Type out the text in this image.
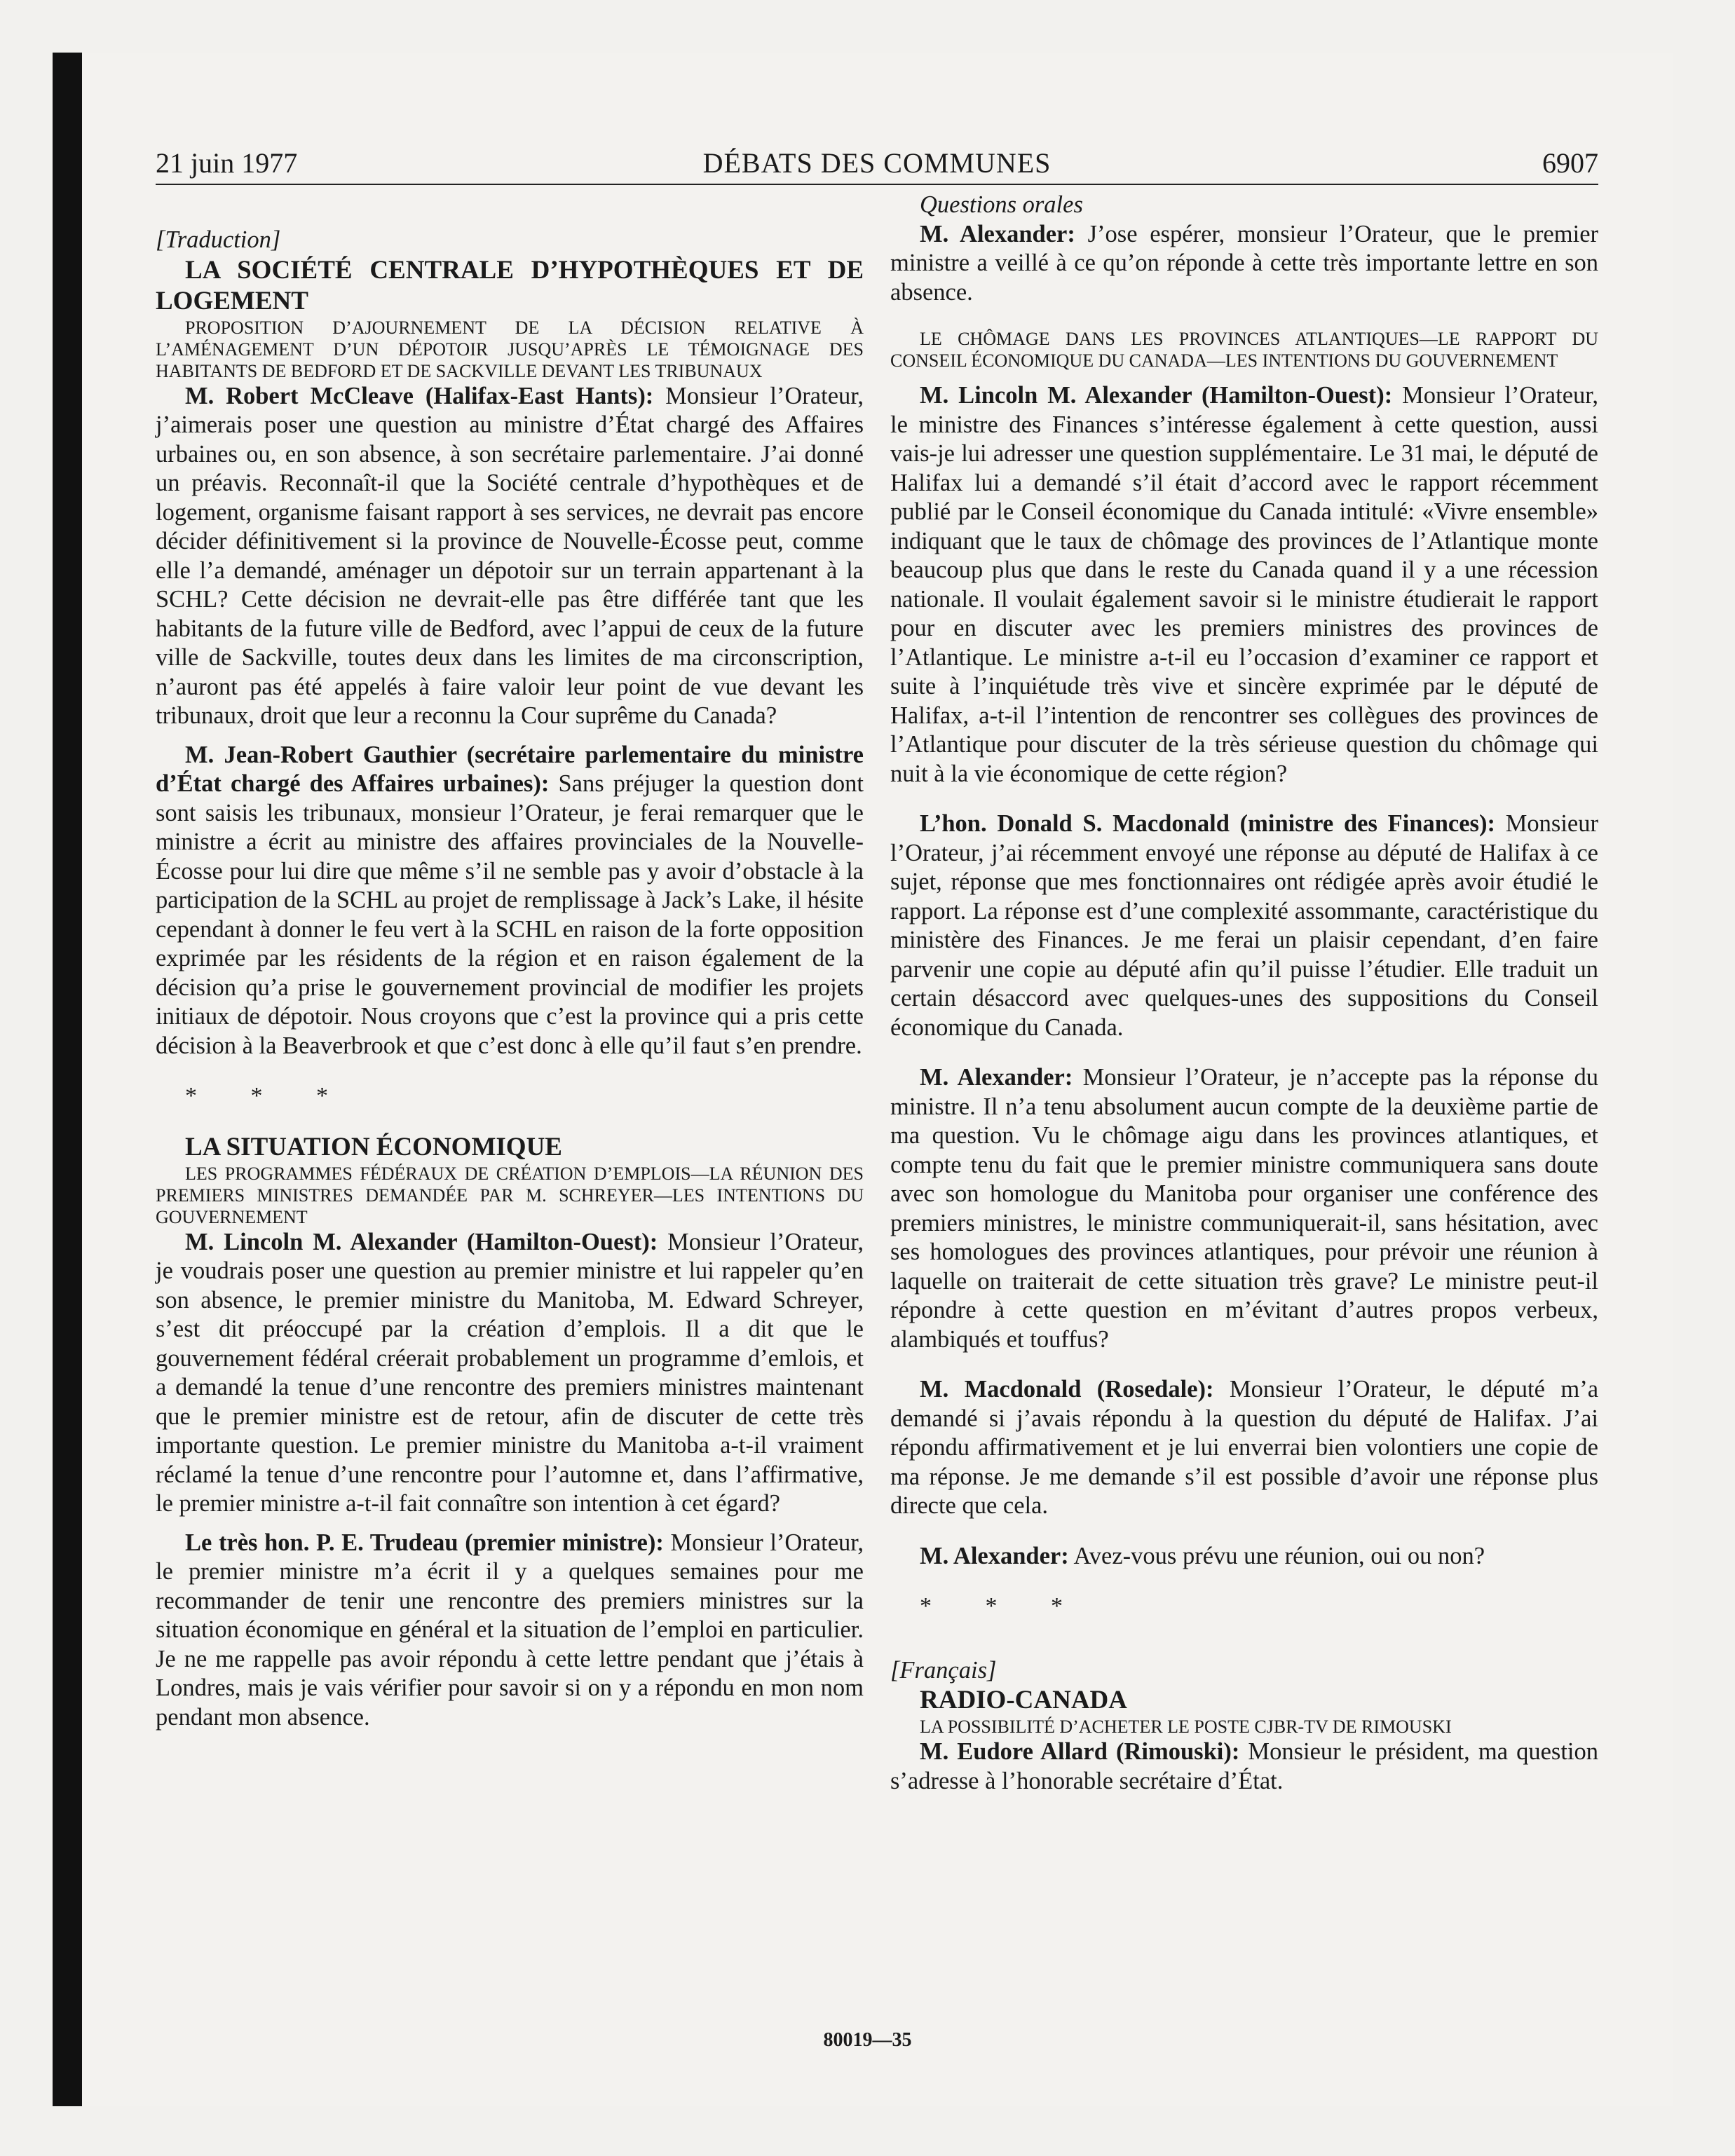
21 juin 1977	DÉBATS DES COMMUNES	6907

[Traduction]

LA SOCIÉTÉ CENTRALE D’HYPOTHÈQUES ET DE LOGEMENT

PROPOSITION D’AJOURNEMENT DE LA DÉCISION RELATIVE À L’AMÉNAGEMENT D’UN DÉPOTOIR JUSQU’APRÈS LE TÉMOIGNAGE DES HABITANTS DE BEDFORD ET DE SACKVILLE DEVANT LES TRIBUNAUX

M. Robert McCleave (Halifax-East Hants): Monsieur l’Orateur, j’aimerais poser une question au ministre d’État chargé des Affaires urbaines ou, en son absence, à son secrétaire parlementaire. J’ai donné un préavis. Reconnaît-il que la Société centrale d’hypothèques et de logement, organisme faisant rapport à ses services, ne devrait pas encore décider définitivement si la province de Nouvelle-Écosse peut, comme elle l’a demandé, aménager un dépotoir sur un terrain appartenant à la SCHL? Cette décision ne devrait-elle pas être différée tant que les habitants de la future ville de Bedford, avec l’appui de ceux de la future ville de Sackville, toutes deux dans les limites de ma circonscription, n’auront pas été appelés à faire valoir leur point de vue devant les tribunaux, droit que leur a reconnu la Cour suprême du Canada?

M. Jean-Robert Gauthier (secrétaire parlementaire du ministre d’État chargé des Affaires urbaines): Sans préjuger la question dont sont saisis les tribunaux, monsieur l’Orateur, je ferai remarquer que le ministre a écrit au ministre des affaires provinciales de la Nouvelle-Écosse pour lui dire que même s’il ne semble pas y avoir d’obstacle à la participation de la SCHL au projet de remplissage à Jack’s Lake, il hésite cependant à donner le feu vert à la SCHL en raison de la forte opposition exprimée par les résidents de la région et en raison également de la décision qu’a prise le gouvernement provincial de modifier les projets initiaux de dépotoir. Nous croyons que c’est la province qui a pris cette décision à la Beaverbrook et que c’est donc à elle qu’il faut s’en prendre.

* * *

LA SITUATION ÉCONOMIQUE

LES PROGRAMMES FÉDÉRAUX DE CRÉATION D’EMPLOIS—LA RÉUNION DES PREMIERS MINISTRES DEMANDÉE PAR M. SCHREYER—LES INTENTIONS DU GOUVERNEMENT

M. Lincoln M. Alexander (Hamilton-Ouest): Monsieur l’Orateur, je voudrais poser une question au premier ministre et lui rappeler qu’en son absence, le premier ministre du Manitoba, M. Edward Schreyer, s’est dit préoccupé par la création d’emplois. Il a dit que le gouvernement fédéral créerait probablement un programme d’emlois, et a demandé la tenue d’une rencontre des premiers ministres maintenant que le premier ministre est de retour, afin de discuter de cette très importante question. Le premier ministre du Manitoba a-t-il vraiment réclamé la tenue d’une rencontre pour l’automne et, dans l’affirmative, le premier ministre a-t-il fait connaître son intention à cet égard?

Le très hon. P. E. Trudeau (premier ministre): Monsieur l’Orateur, le premier ministre m’a écrit il y a quelques semaines pour me recommander de tenir une rencontre des premiers ministres sur la situation économique en général et la situation de l’emploi en particulier. Je ne me rappelle pas avoir répondu à cette lettre pendant que j’étais à Londres, mais je vais vérifier pour savoir si on y a répondu en mon nom pendant mon absence.

Questions orales

M. Alexander: J’ose espérer, monsieur l’Orateur, que le premier ministre a veillé à ce qu’on réponde à cette très importante lettre en son absence.

LE CHÔMAGE DANS LES PROVINCES ATLANTIQUES—LE RAPPORT DU CONSEIL ÉCONOMIQUE DU CANADA—LES INTENTIONS DU GOUVERNEMENT

M. Lincoln M. Alexander (Hamilton-Ouest): Monsieur l’Orateur, le ministre des Finances s’intéresse également à cette question, aussi vais-je lui adresser une question supplémentaire. Le 31 mai, le député de Halifax lui a demandé s’il était d’accord avec le rapport récemment publié par le Conseil économique du Canada intitulé: «Vivre ensemble» indiquant que le taux de chômage des provinces de l’Atlantique monte beaucoup plus que dans le reste du Canada quand il y a une récession nationale. Il voulait également savoir si le ministre étudierait le rapport pour en discuter avec les premiers ministres des provinces de l’Atlantique. Le ministre a-t-il eu l’occasion d’examiner ce rapport et suite à l’inquiétude très vive et sincère exprimée par le député de Halifax, a-t-il l’intention de rencontrer ses collègues des provinces de l’Atlantique pour discuter de la très sérieuse question du chômage qui nuit à la vie économique de cette région?

L’hon. Donald S. Macdonald (ministre des Finances): Monsieur l’Orateur, j’ai récemment envoyé une réponse au député de Halifax à ce sujet, réponse que mes fonctionnaires ont rédigée après avoir étudié le rapport. La réponse est d’une complexité assommante, caractéristique du ministère des Finances. Je me ferai un plaisir cependant, d’en faire parvenir une copie au député afin qu’il puisse l’étudier. Elle traduit un certain désaccord avec quelques-unes des suppositions du Conseil économique du Canada.

M. Alexander: Monsieur l’Orateur, je n’accepte pas la réponse du ministre. Il n’a tenu absolument aucun compte de la deuxième partie de ma question. Vu le chômage aigu dans les provinces atlantiques, et compte tenu du fait que le premier ministre communiquera sans doute avec son homologue du Manitoba pour organiser une conférence des premiers ministres, le ministre communiquerait-il, sans hésitation, avec ses homologues des provinces atlantiques, pour prévoir une réunion à laquelle on traiterait de cette situation très grave? Le ministre peut-il répondre à cette question en m’évitant d’autres propos verbeux, alambiqués et touffus?

M. Macdonald (Rosedale): Monsieur l’Orateur, le député m’a demandé si j’avais répondu à la question du député de Halifax. J’ai répondu affirmativement et je lui enverrai bien volontiers une copie de ma réponse. Je me demande s’il est possible d’avoir une réponse plus directe que cela.

M. Alexander: Avez-vous prévu une réunion, oui ou non?

* * *

[Français]

RADIO-CANADA

LA POSSIBILITÉ D’ACHETER LE POSTE CJBR-TV DE RIMOUSKI

M. Eudore Allard (Rimouski): Monsieur le président, ma question s’adresse à l’honorable secrétaire d’État.

80019—35
